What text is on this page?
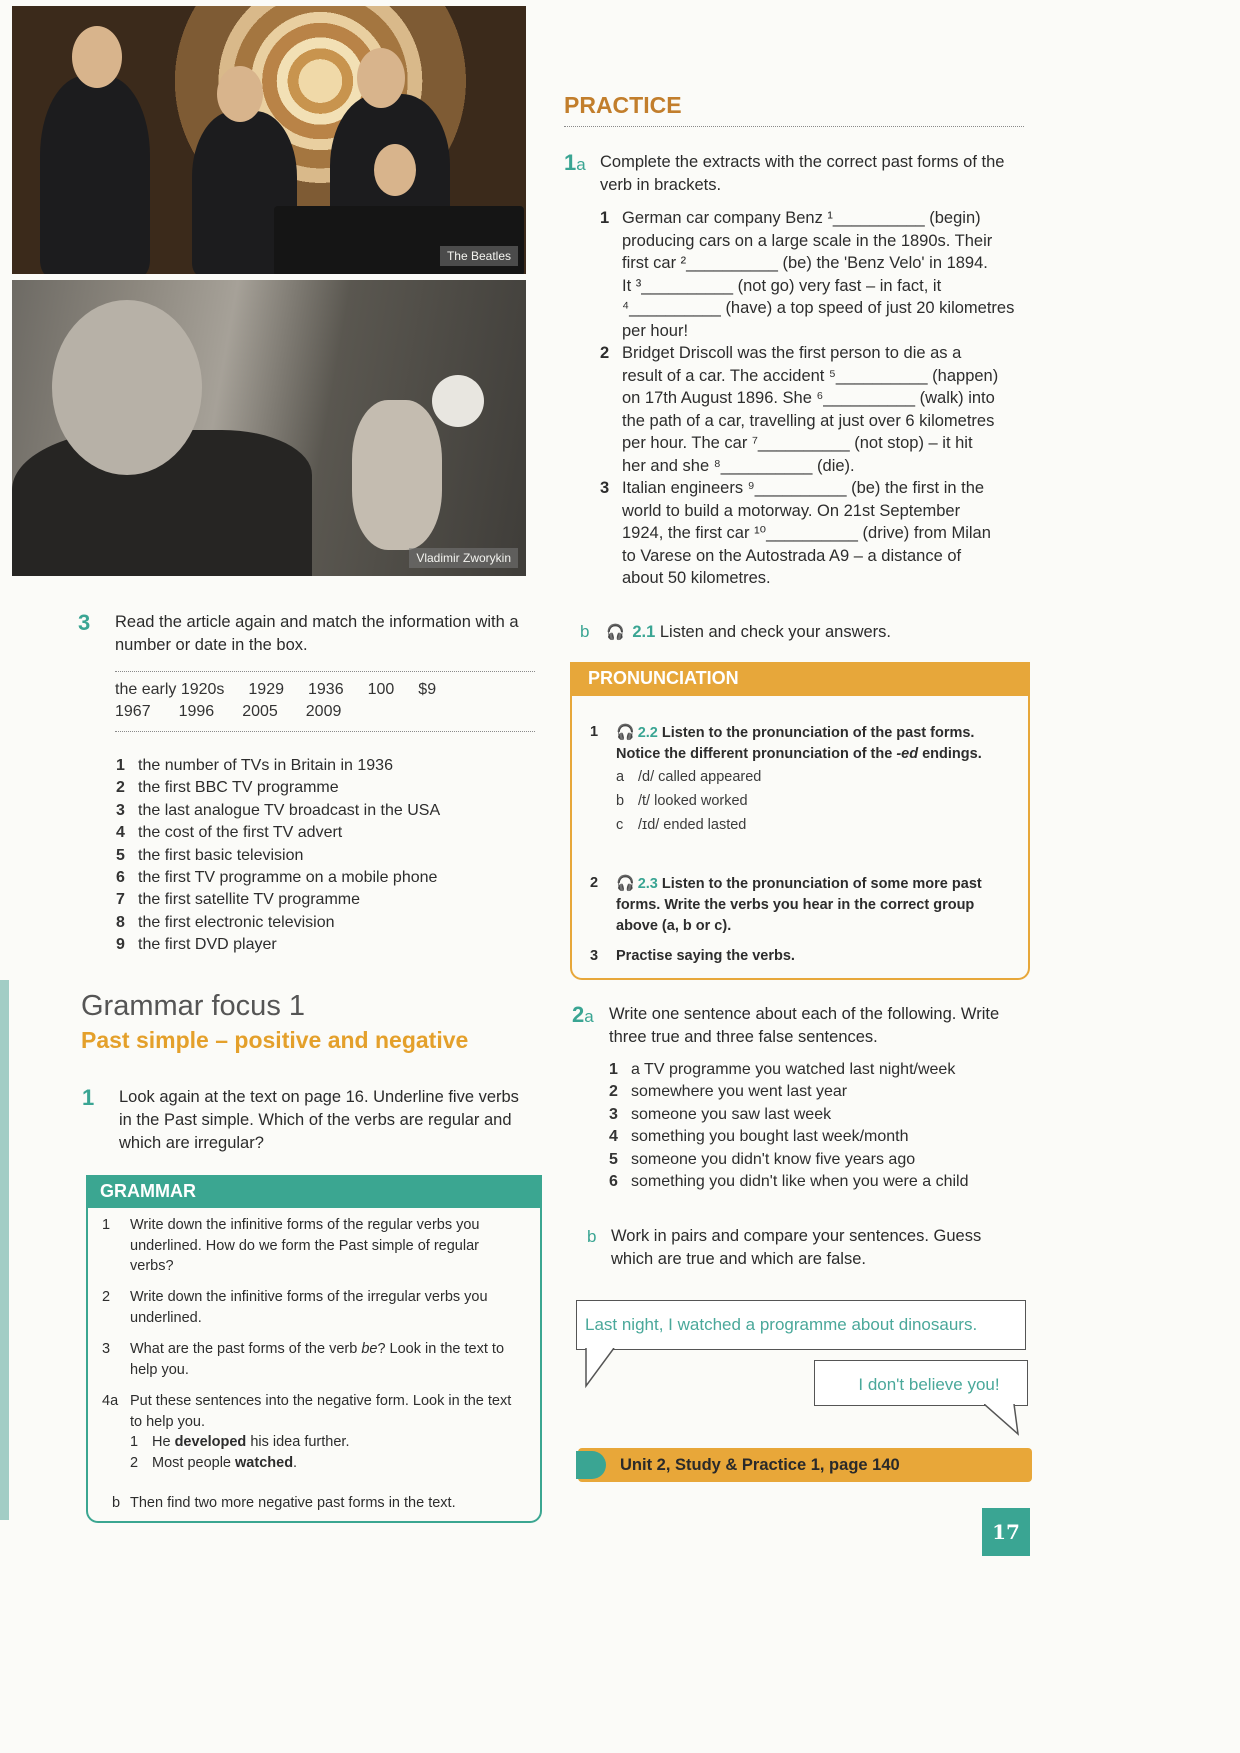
The Beatles
Vladimir Zworykin
3 Read the article again and match the information with a number or date in the box.
the early 1920s 1929 1936 100 $9
1967 1996 2005 2009
1 the number of TVs in Britain in 1936
2 the first BBC TV programme
3 the last analogue TV broadcast in the USA
4 the cost of the first TV advert
5 the first basic television
6 the first TV programme on a mobile phone
7 the first satellite TV programme
8 the first electronic television
9 the first DVD player
Grammar focus 1
Past simple – positive and negative
1 Look again at the text on page 16. Underline five verbs in the Past simple. Which of the verbs are regular and which are irregular?
GRAMMAR
1	Write down the infinitive forms of the regular verbs you underlined. How do we form the Past simple of regular verbs?
2	Write down the infinitive forms of the irregular verbs you underlined.
3	What are the past forms of the verb be? Look in the text to help you.
4a Put these sentences into the negative form. Look in the text to help you.
1 He developed his idea further.
2 Most people watched.
b Then find two more negative past forms in the text.
PRACTICE
1a Complete the extracts with the correct past forms of the verb in brackets.
1 German car company Benz ¹__________ (begin)
producing cars on a large scale in the 1890s. Their
first car ²__________ (be) the 'Benz Velo' in 1894.
It ³__________ (not go) very fast – in fact, it
⁴__________ (have) a top speed of just 20 kilometres
per hour!
2 Bridget Driscoll was the first person to die as a
result of a car. The accident ⁵__________ (happen)
on 17th August 1896. She ⁶__________ (walk) into
the path of a car, travelling at just over 6 kilometres
per hour. The car ⁷__________ (not stop) – it hit
her and she ⁸__________ (die).
3 Italian engineers ⁹__________ (be) the first in the
world to build a motorway. On 21st September
1924, the first car ¹⁰__________ (drive) from Milan
to Varese on the Autostrada A9 – a distance of
about 50 kilometres.
b 🎧 2.1 Listen and check your answers.
PRONUNCIATION
1	🎧 2.2 Listen to the pronunciation of the past forms. Notice the different pronunciation of the -ed endings.
a /d/ called appeared
b /t/ looked worked
c /ɪd/ ended lasted
2	🎧 2.3 Listen to the pronunciation of some more past forms. Write the verbs you hear in the correct group above (a, b or c).
3	Practise saying the verbs.
2a Write one sentence about each of the following. Write three true and three false sentences.
1 a TV programme you watched last night/week
2 somewhere you went last year
3 someone you saw last week
4 something you bought last week/month
5 someone you didn't know five years ago
6 something you didn't like when you were a child
b Work in pairs and compare your sentences. Guess which are true and which are false.
Last night, I watched a programme about dinosaurs.
I don't believe you!
Unit 2, Study & Practice 1, page 140
17
